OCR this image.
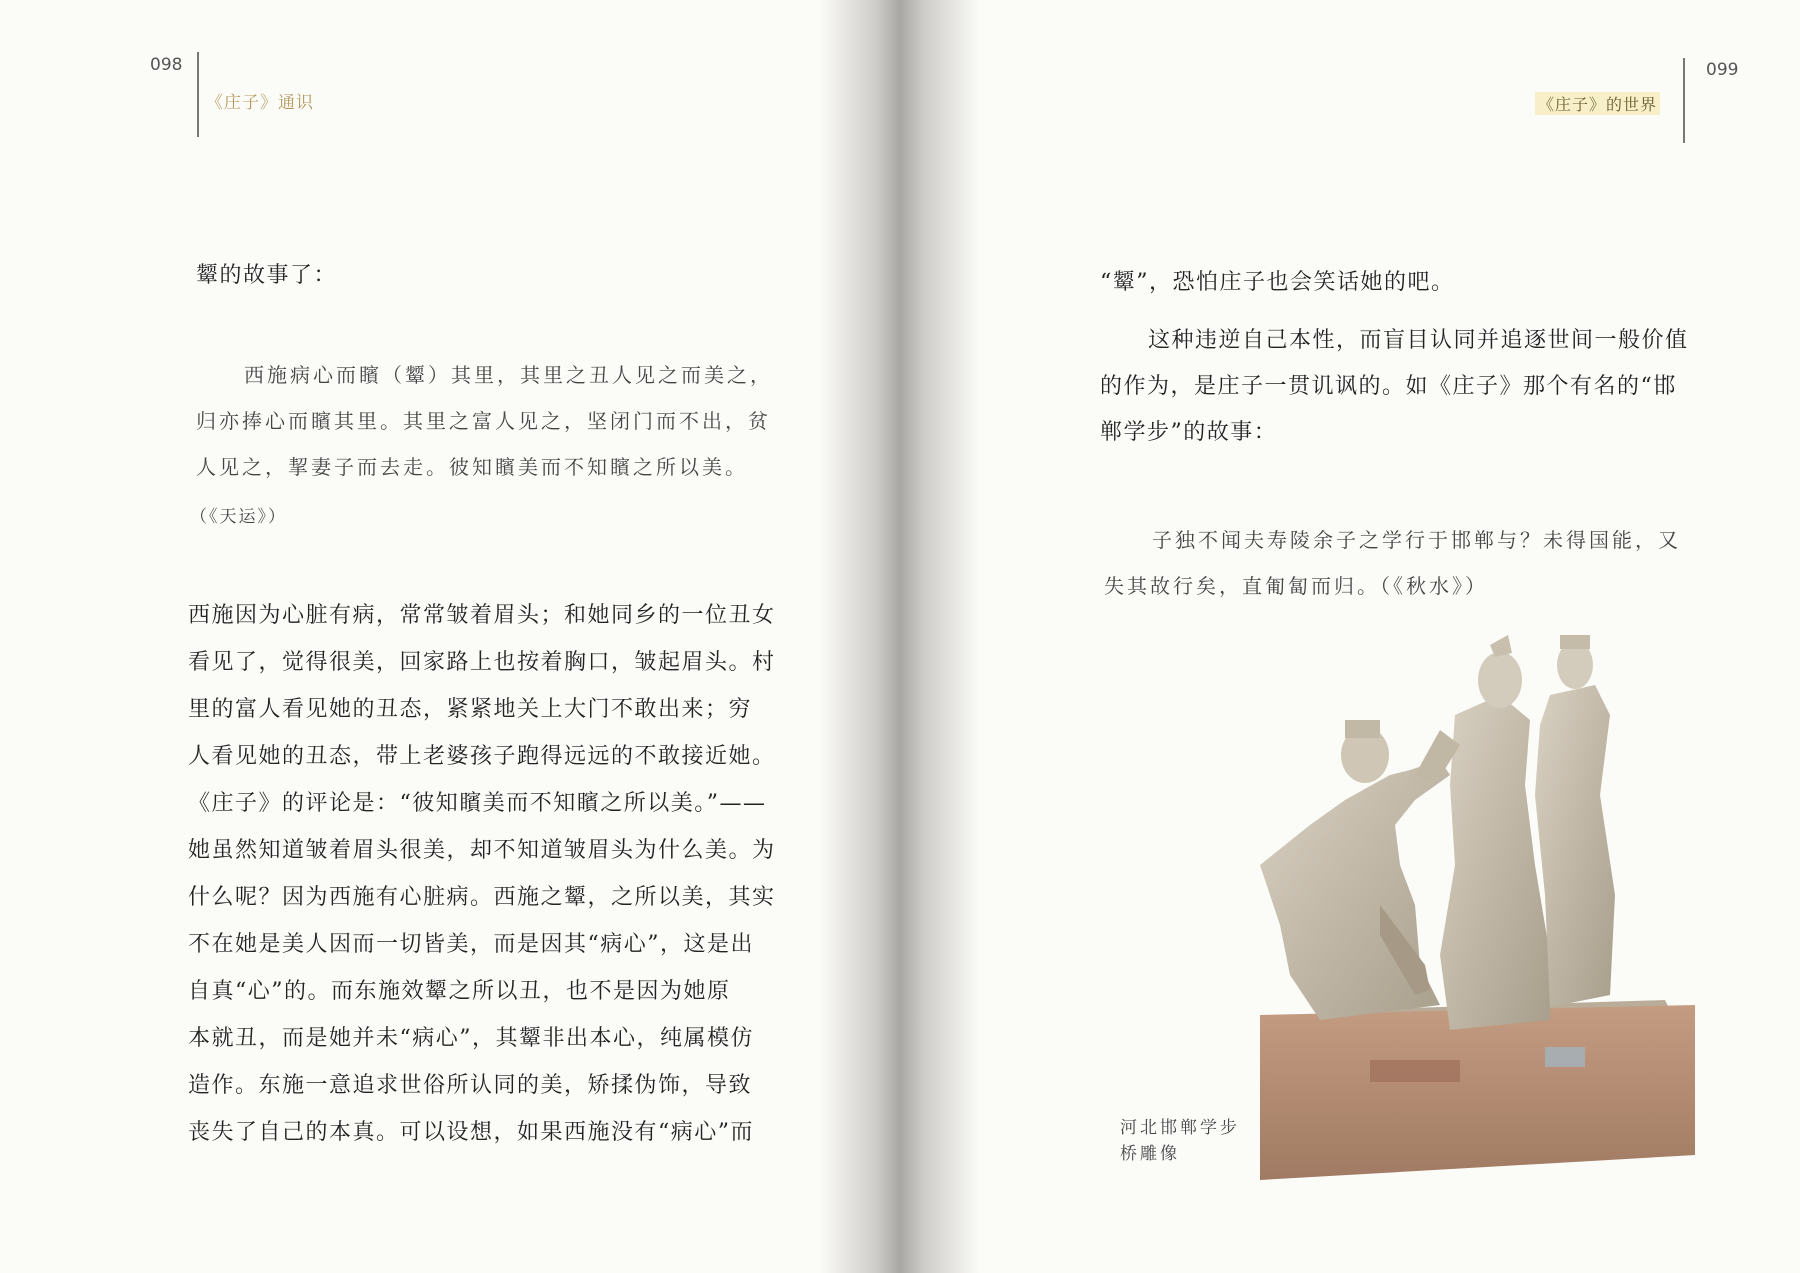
098
《庄子》通识
颦的故事了：
西施病心而矉（颦）其里，其里之丑人见之而美之，
归亦捧心而矉其里。其里之富人见之，坚闭门而不出，贫
人见之，挈妻子而去走。彼知矉美而不知矉之所以美。
（《天运》）
西施因为心脏有病，常常皱着眉头；和她同乡的一位丑女
看见了，觉得很美，回家路上也按着胸口，皱起眉头。村
里的富人看见她的丑态，紧紧地关上大门不敢出来；穷
人看见她的丑态，带上老婆孩子跑得远远的不敢接近她。
《庄子》的评论是：“彼知矉美而不知矉之所以美。”——
她虽然知道皱着眉头很美，却不知道皱眉头为什么美。为
什么呢？因为西施有心脏病。西施之颦，之所以美，其实
不在她是美人因而一切皆美，而是因其“病心”，这是出
自真“心”的。而东施效颦之所以丑，也不是因为她原
本就丑，而是她并未“病心”，其颦非出本心，纯属模仿
造作。东施一意追求世俗所认同的美，矫揉伪饰，导致
丧失了自己的本真。可以设想，如果西施没有“病心”而
099
《庄子》的世界
“颦”，恐怕庄子也会笑话她的吧。
这种违逆自己本性，而盲目认同并追逐世间一般价值
的作为，是庄子一贯讥讽的。如《庄子》那个有名的“邯
郸学步”的故事：
子独不闻夫寿陵余子之学行于邯郸与？未得国能，又
失其故行矣，直匍匐而归。（《秋水》）
河北邯郸学步
桥雕像
